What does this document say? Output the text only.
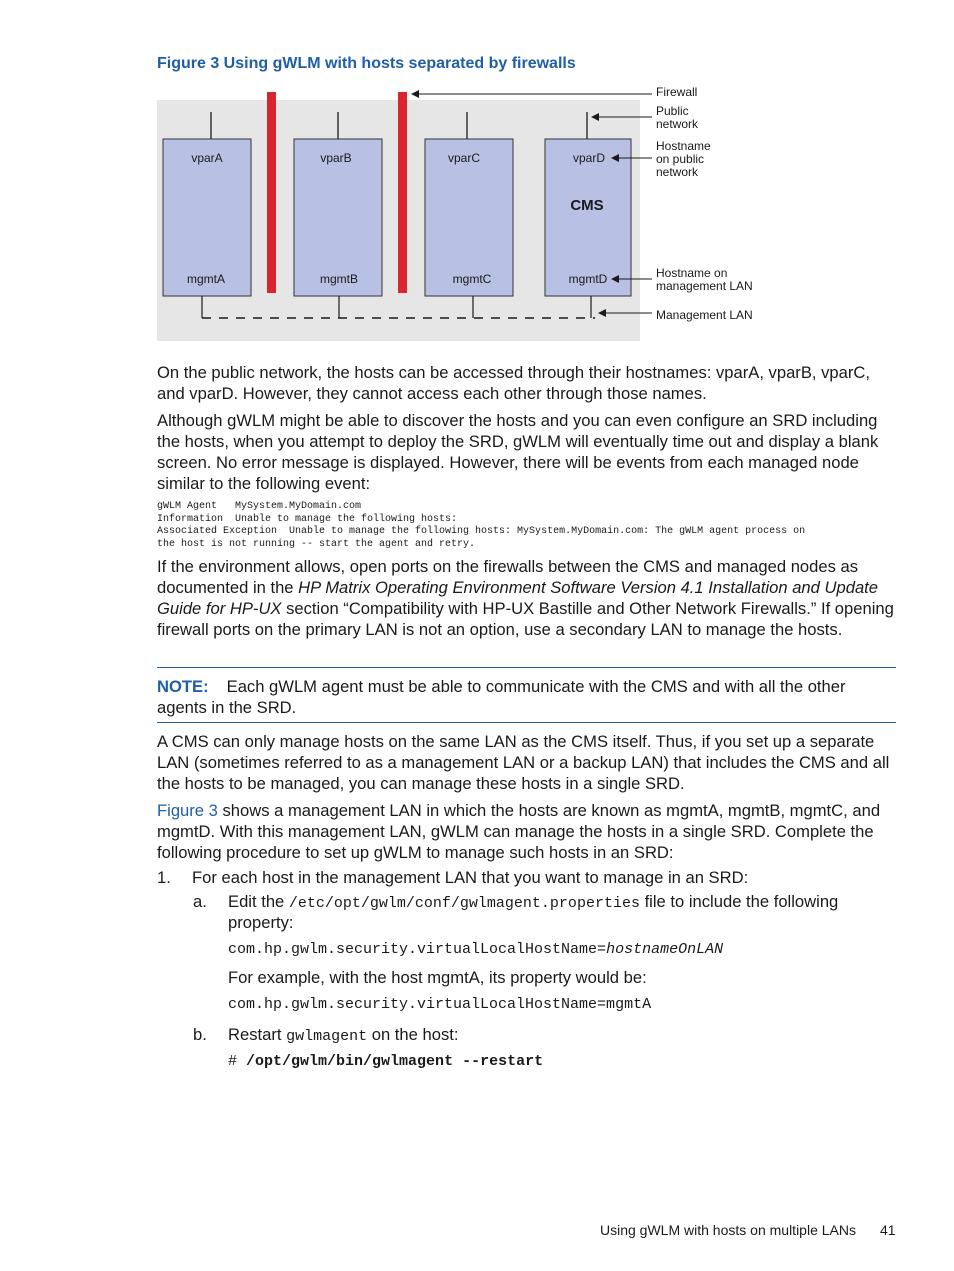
Figure 3 Using gWLM with hosts separated by firewalls
vparA	vparB	vparC	vparD
CMS
mgmtA	mgmtB	mgmtC	mgmtD
Firewall
Public
network
Hostname
on public
network
Hostname on
management LAN
Management LAN

On the public network, the hosts can be accessed through their hostnames: vparA, vparB, vparC, and vparD. However, they cannot access each other through those names.

Although gWLM might be able to discover the hosts and you can even configure an SRD including the hosts, when you attempt to deploy the SRD, gWLM will eventually time out and display a blank screen. No error message is displayed. However, there will be events from each managed node similar to the following event:

gWLM Agent   MySystem.MyDomain.com
Information  Unable to manage the following hosts:
Associated Exception  Unable to manage the following hosts: MySystem.MyDomain.com: The gWLM agent process on
the host is not running -- start the agent and retry.

If the environment allows, open ports on the firewalls between the CMS and managed nodes as documented in the HP Matrix Operating Environment Software Version 4.1 Installation and Update Guide for HP-UX section “Compatibility with HP-UX Bastille and Other Network Firewalls.” If opening firewall ports on the primary LAN is not an option, use a secondary LAN to manage the hosts.

NOTE: Each gWLM agent must be able to communicate with the CMS and with all the other agents in the SRD.

A CMS can only manage hosts on the same LAN as the CMS itself. Thus, if you set up a separate LAN (sometimes referred to as a management LAN or a backup LAN) that includes the CMS and all the hosts to be managed, you can manage these hosts in a single SRD.

Figure 3 shows a management LAN in which the hosts are known as mgmtA, mgmtB, mgmtC, and mgmtD. With this management LAN, gWLM can manage the hosts in a single SRD. Complete the following procedure to set up gWLM to manage such hosts in an SRD:

1. For each host in the management LAN that you want to manage in an SRD:
a. Edit the /etc/opt/gwlm/conf/gwlmagent.properties file to include the following
property:
com.hp.gwlm.security.virtualLocalHostName=hostnameOnLAN
For example, with the host mgmtA, its property would be:
com.hp.gwlm.security.virtualLocalHostName=mgmtA
b. Restart gwlmagent on the host:
# /opt/gwlm/bin/gwlmagent --restart
Using gWLM with hosts on multiple LANs 41
